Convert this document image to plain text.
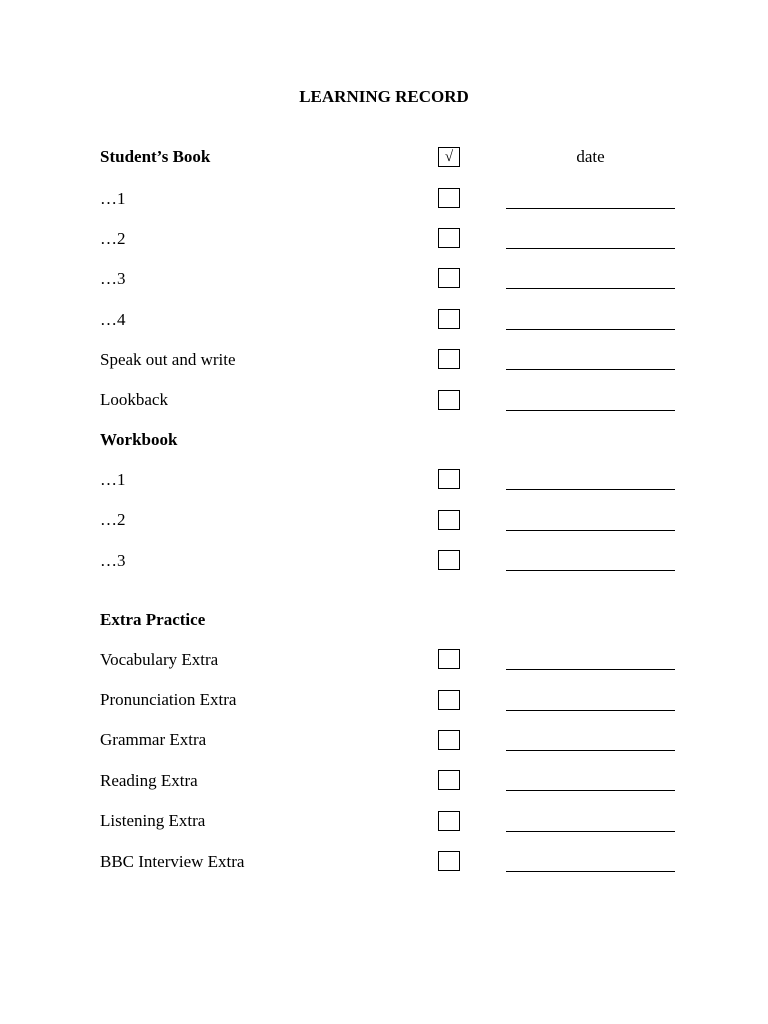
LEARNING RECORD
Student’s Book	√	date
…1
…2
…3
…4
Speak out and write
Lookback
Workbook
…1
…2
…3
Extra Practice
Vocabulary Extra
Pronunciation Extra
Grammar Extra
Reading Extra
Listening Extra
BBC Interview Extra
